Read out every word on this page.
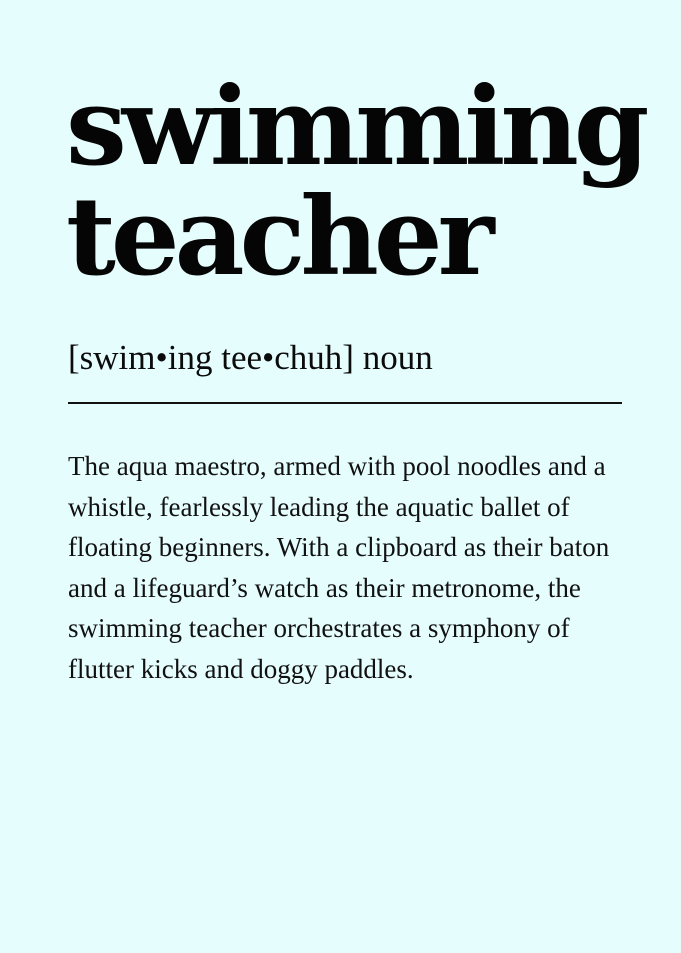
swimming
teacher

[swim•ing tee•chuh] noun

The aqua maestro, armed with pool noodles and a whistle, fearlessly leading the aquatic ballet of floating beginners. With a clipboard as their baton and a lifeguard’s watch as their metronome, the swimming teacher orchestrates a symphony of flutter kicks and doggy paddles.
